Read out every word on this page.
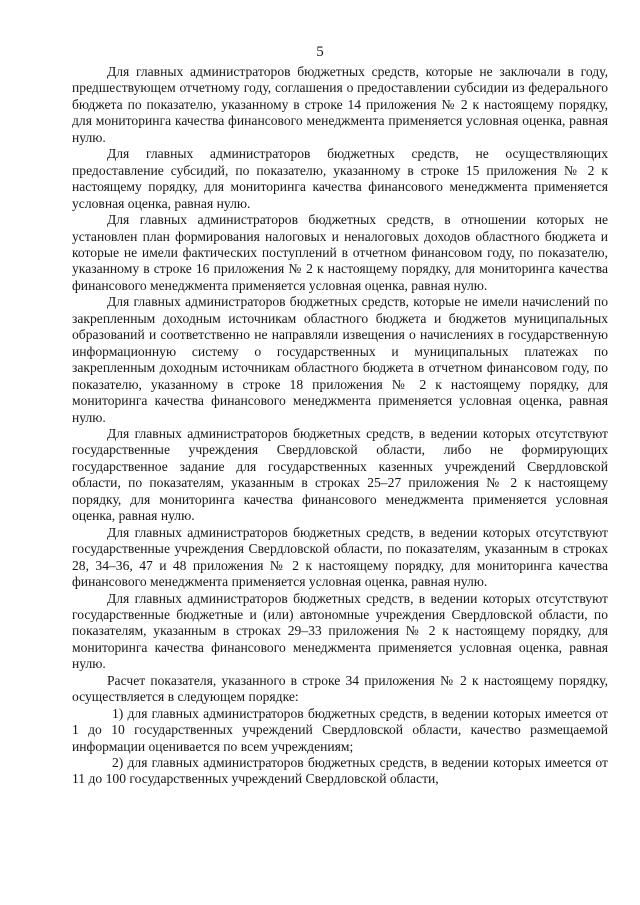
5

Для главных администраторов бюджетных средств, которые не заключали в году, предшествующем отчетному году, соглашения о предоставлении субсидии из федерального бюджета по показателю, указанному в строке 14 приложения № 2 к настоящему порядку, для мониторинга качества финансового менеджмента применяется условная оценка, равная нулю.

Для главных администраторов бюджетных средств, не осуществляющих предоставление субсидий, по показателю, указанному в строке 15 приложения № 2 к настоящему порядку, для мониторинга качества финансового менеджмента применяется условная оценка, равная нулю.

Для главных администраторов бюджетных средств, в отношении которых не установлен план формирования налоговых и неналоговых доходов областного бюджета и которые не имели фактических поступлений в отчетном финансовом году, по показателю, указанному в строке 16 приложения № 2 к настоящему порядку, для мониторинга качества финансового менеджмента применяется условная оценка, равная нулю.

Для главных администраторов бюджетных средств, которые не имели начислений по закрепленным доходным источникам областного бюджета и бюджетов муниципальных образований и соответственно не направляли извещения о начислениях в государственную информационную систему о государственных и муниципальных платежах по закрепленным доходным источникам областного бюджета в отчетном финансовом году, по показателю, указанному в строке 18 приложения № 2 к настоящему порядку, для мониторинга качества финансового менеджмента применяется условная оценка, равная нулю.

Для главных администраторов бюджетных средств, в ведении которых отсутствуют государственные учреждения Свердловской области, либо не формирующих государственное задание для государственных казенных учреждений Свердловской области, по показателям, указанным в строках 25–27 приложения № 2 к настоящему порядку, для мониторинга качества финансового менеджмента применяется условная оценка, равная нулю.

Для главных администраторов бюджетных средств, в ведении которых отсутствуют государственные учреждения Свердловской области, по показателям, указанным в строках 28, 34–36, 47 и 48 приложения № 2 к настоящему порядку, для мониторинга качества финансового менеджмента применяется условная оценка, равная нулю.

Для главных администраторов бюджетных средств, в ведении которых отсутствуют государственные бюджетные и (или) автономные учреждения Свердловской области, по показателям, указанным в строках 29–33 приложения № 2 к настоящему порядку, для мониторинга качества финансового менеджмента применяется условная оценка, равная нулю.

Расчет показателя, указанного в строке 34 приложения № 2 к настоящему порядку, осуществляется в следующем порядке:

1) для главных администраторов бюджетных средств, в ведении которых имеется от 1 до 10 государственных учреждений Свердловской области, качество размещаемой информации оценивается по всем учреждениям;

2) для главных администраторов бюджетных средств, в ведении которых имеется от 11 до 100 государственных учреждений Свердловской области,
